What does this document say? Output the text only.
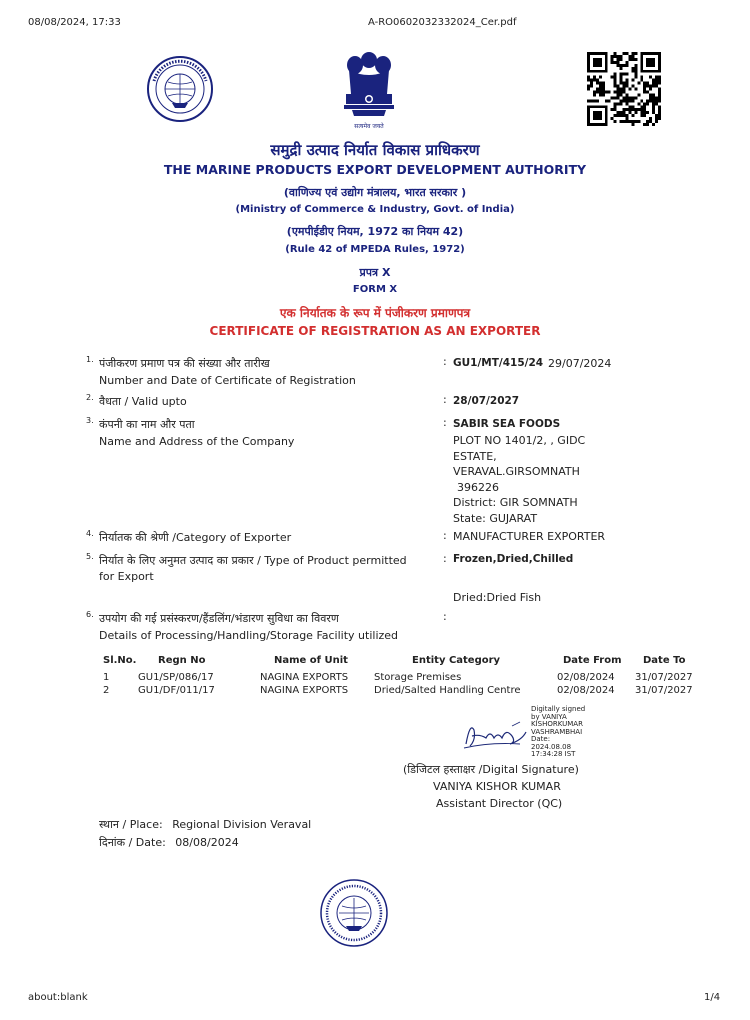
08/08/2024, 17:33	A-RO0602032332024_Cer.pdf
सत्यमेव जयते
समुद्री उत्पाद निर्यात विकास प्राधिकरण
THE MARINE PRODUCTS EXPORT DEVELOPMENT AUTHORITY
(वाणिज्य एवं उद्योग मंत्रालय, भारत सरकार )
(Ministry of Commerce & Industry, Govt. of India)
(एमपीईडीए नियम, 1972 का नियम 42)
(Rule 42 of MPEDA Rules, 1972)
प्रपत्र X
FORM X
एक निर्यातक के रूप में पंजीकरण प्रमाणपत्र
CERTIFICATE OF REGISTRATION AS AN EXPORTER
1. पंजीकरण प्रमाण पत्र की संख्या और तारीख
Number and Date of Certificate of Registration
: GU1/MT/415/24 29/07/2024
2. वैधता / Valid upto	: 28/07/2027
3. कंपनी का नाम और पता
Name and Address of the Company
: SABIR SEA FOODS
PLOT NO 1401/2, , GIDC
ESTATE,
VERAVAL.GIRSOMNATH
396226
District: GIR SOMNATH
State: GUJARAT
4. निर्यातक की श्रेणी /Category of Exporter	: MANUFACTURER EXPORTER
5. निर्यात के लिए अनुमत उत्पाद का प्रकार / Type of Product permitted
for Export
: Frozen,Dried,Chilled
Dried:Dried Fish
6. उपयोग की गई प्रसंस्करण/हैंडलिंग/भंडारण सुविधा का विवरण
Details of Processing/Handling/Storage Facility utilized
:
Sl.No.	Regn No	Name of Unit	Entity Category	Date From	Date To
1	GU1/SP/086/17	NAGINA EXPORTS	Storage Premises	02/08/2024	31/07/2027
2	GU1/DF/011/17	NAGINA EXPORTS	Dried/Salted Handling Centre	02/08/2024	31/07/2027
Digitally signed
by VANIYA
KISHORKUMAR
VASHRAMBHAI
Date:
2024.08.08
17:34:28 IST
(डिजिटल हस्ताक्षर /Digital Signature)
VANIYA KISHOR KUMAR
Assistant Director (QC)
स्थान / Place: Regional Division Veraval
दिनांक / Date: 08/08/2024
about:blank	1/4
